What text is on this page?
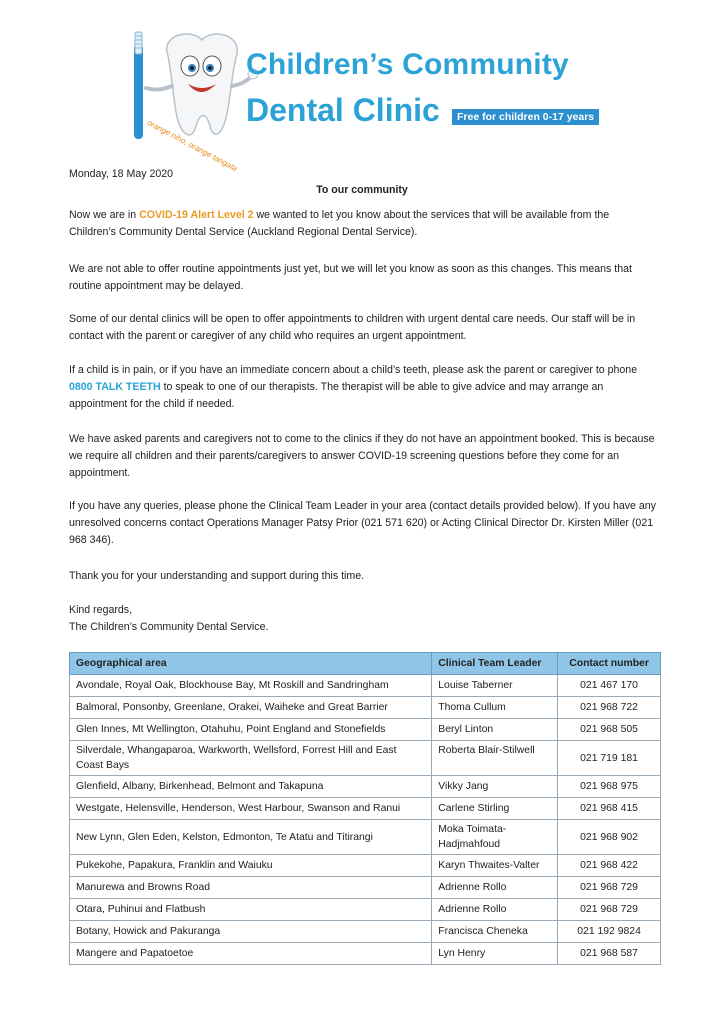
Children’s Community
Dental Clinic	Free for children 0-17 years
orange niho, orange tangata
Monday, 18 May 2020
To our community

Now we are in COVID-19 Alert Level 2 we wanted to let you know about the services that will be available from the Children’s Community Dental Service (Auckland Regional Dental Service).

We are not able to offer routine appointments just yet, but we will let you know as soon as this changes. This means that routine appointment may be delayed.

Some of our dental clinics will be open to offer appointments to children with urgent dental care needs. Our staff will be in contact with the parent or caregiver of any child who requires an urgent appointment.

If a child is in pain, or if you have an immediate concern about a child’s teeth, please ask the parent or caregiver to phone 0800 TALK TEETH to speak to one of our therapists. The therapist will be able to give advice and may arrange an appointment for the child if needed.

We have asked parents and caregivers not to come to the clinics if they do not have an appointment booked. This is because we require all children and their parents/caregivers to answer COVID-19 screening questions before they come for an appointment.

If you have any queries, please phone the Clinical Team Leader in your area (contact details provided below). If you have any unresolved concerns contact Operations Manager Patsy Prior (021 571 620) or Acting Clinical Director Dr. Kirsten Miller (021 968 346).

Thank you for your understanding and support during this time.

Kind regards,
The Children’s Community Dental Service.
Geographical area	Clinical Team Leader	Contact number
Avondale, Royal Oak, Blockhouse Bay, Mt Roskill and Sandringham	Louise Taberner	021 467 170
Balmoral, Ponsonby, Greenlane, Orakei, Waiheke and Great Barrier	Thoma Cullum	021 968 722
Glen Innes, Mt Wellington, Otahuhu, Point England and Stonefields	Beryl Linton	021 968 505
Silverdale, Whangaparoa, Warkworth, Wellsford, Forrest Hill and East Coast Bays	Roberta Blair-Stilwell	021 719 181
Glenfield, Albany, Birkenhead, Belmont and Takapuna	Vikky Jang	021 968 975
Westgate, Helensville, Henderson, West Harbour, Swanson and Ranui	Carlene Stirling	021 968 415
New Lynn, Glen Eden, Kelston, Edmonton, Te Atatu and Titirangi	Moka Toimata-Hadjmahfoud	021 968 902
Pukekohe, Papakura, Franklin and Waiuku	Karyn Thwaites-Valter	021 968 422
Manurewa and Browns Road	Adrienne Rollo	021 968 729
Otara, Puhinui and Flatbush	Adrienne Rollo	021 968 729
Botany, Howick and Pakuranga	Francisca Cheneka	021 192 9824
Mangere and Papatoetoe	Lyn Henry	021 968 587
